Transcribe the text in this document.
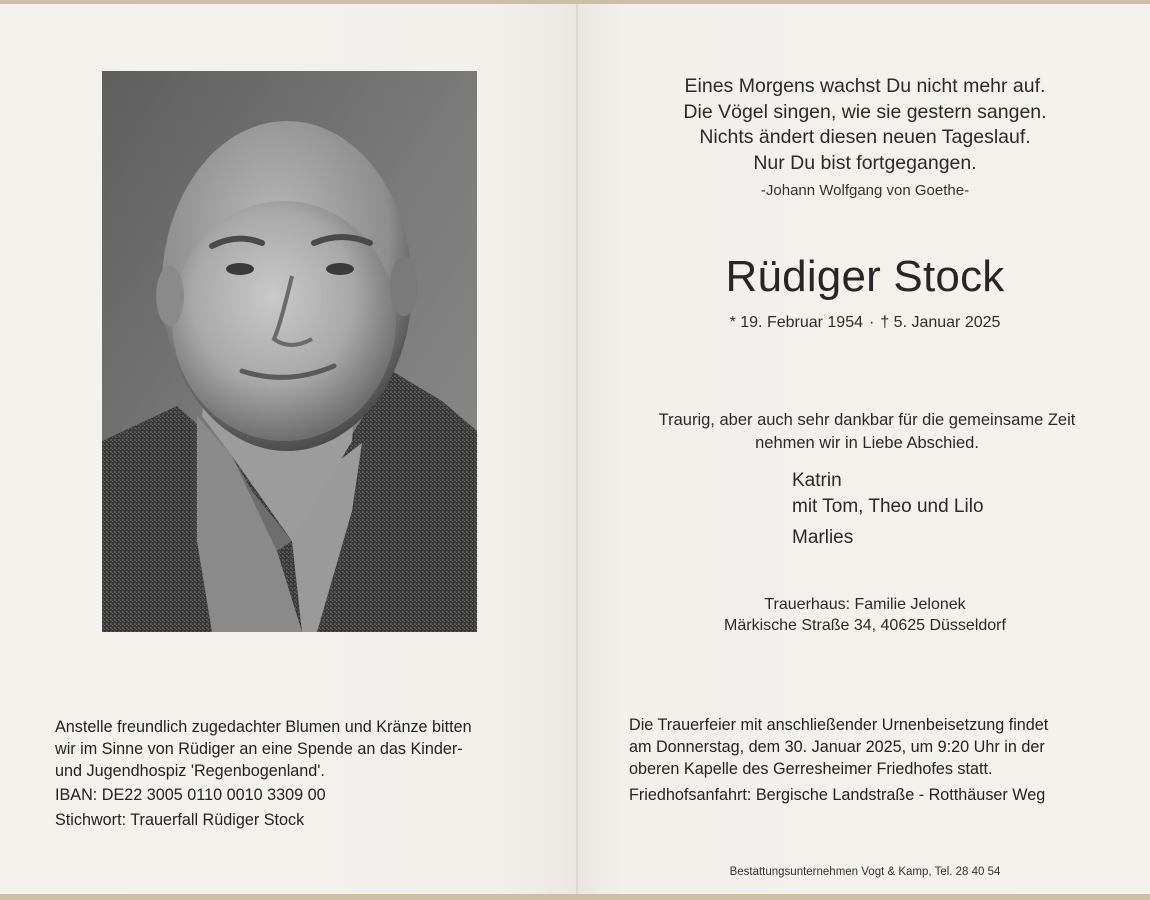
Eines Morgens wachst Du nicht mehr auf.
Die Vögel singen, wie sie gestern sangen.
Nichts ändert diesen neuen Tageslauf.
Nur Du bist fortgegangen.
-Johann Wolfgang von Goethe-
Rüdiger Stock
* 19. Februar 1954 · † 5. Januar 2025
Traurig, aber auch sehr dankbar für die gemeinsame Zeit
nehmen wir in Liebe Abschied.
Katrin
mit Tom, Theo und Lilo
Marlies
Trauerhaus: Familie Jelonek
Märkische Straße 34, 40625 Düsseldorf
Anstelle freundlich zugedachter Blumen und Kränze bitten
wir im Sinne von Rüdiger an eine Spende an das Kinder-
und Jugendhospiz 'Regenbogenland'.
IBAN: DE22 3005 0110 0010 3309 00
Stichwort: Trauerfall Rüdiger Stock
Die Trauerfeier mit anschließender Urnenbeisetzung findet
am Donnerstag, dem 30. Januar 2025, um 9:20 Uhr in der
oberen Kapelle des Gerresheimer Friedhofes statt.
Friedhofsanfahrt: Bergische Landstraße - Rotthäuser Weg
Bestattungsunternehmen Vogt & Kamp, Tel. 28 40 54
